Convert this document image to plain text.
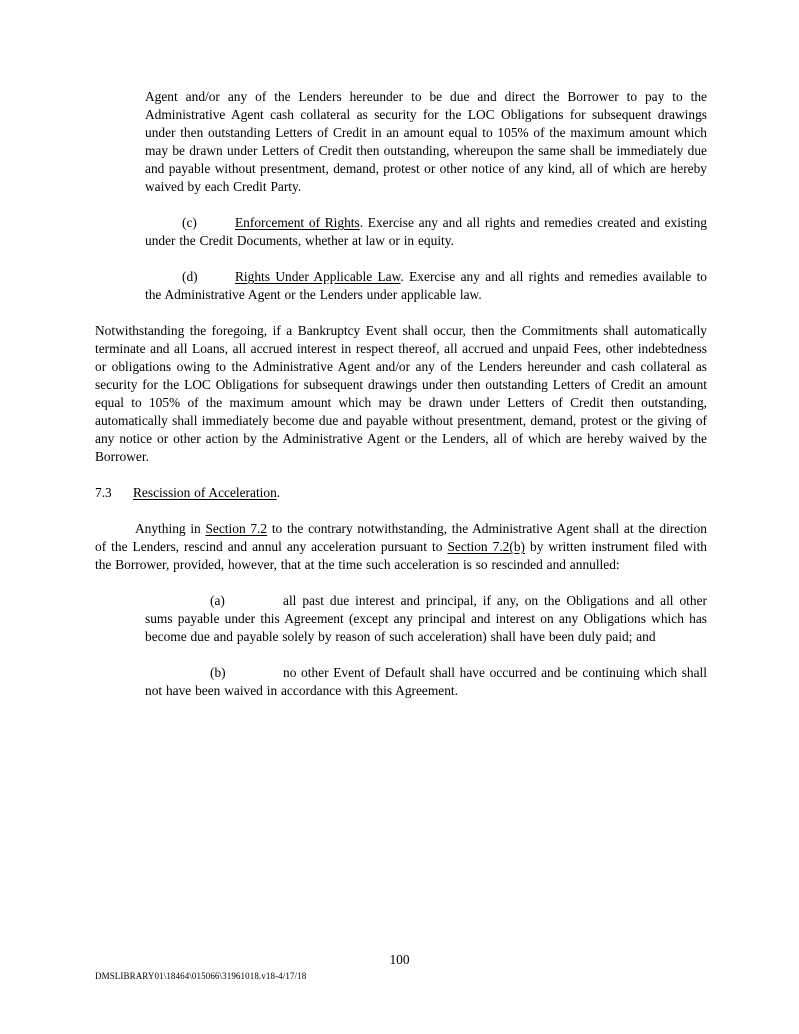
Agent and/or any of the Lenders hereunder to be due and direct the Borrower to pay to the Administrative Agent cash collateral as security for the LOC Obligations for subsequent drawings under then outstanding Letters of Credit in an amount equal to 105% of the maximum amount which may be drawn under Letters of Credit then outstanding, whereupon the same shall be immediately due and payable without presentment, demand, protest or other notice of any kind, all of which are hereby waived by each Credit Party.

(c)	Enforcement of Rights. Exercise any and all rights and remedies created and existing under the Credit Documents, whether at law or in equity.

(d)	Rights Under Applicable Law. Exercise any and all rights and remedies available to the Administrative Agent or the Lenders under applicable law.

Notwithstanding the foregoing, if a Bankruptcy Event shall occur, then the Commitments shall automatically terminate and all Loans, all accrued interest in respect thereof, all accrued and unpaid Fees, other indebtedness or obligations owing to the Administrative Agent and/or any of the Lenders hereunder and cash collateral as security for the LOC Obligations for subsequent drawings under then outstanding Letters of Credit an amount equal to 105% of the maximum amount which may be drawn under Letters of Credit then outstanding, automatically shall immediately become due and payable without presentment, demand, protest or the giving of any notice or other action by the Administrative Agent or the Lenders, all of which are hereby waived by the Borrower.

7.3 Rescission of Acceleration.

Anything in Section 7.2 to the contrary notwithstanding, the Administrative Agent shall at the direction of the Lenders, rescind and annul any acceleration pursuant to Section 7.2(b) by written instrument filed with the Borrower, provided, however, that at the time such acceleration is so rescinded and annulled:

(a)	all past due interest and principal, if any, on the Obligations and all other sums payable under this Agreement (except any principal and interest on any Obligations which has become due and payable solely by reason of such acceleration) shall have been duly paid; and

(b)	no other Event of Default shall have occurred and be continuing which shall not have been waived in accordance with this Agreement.

100
DMSLIBRARY01\18464\015066\31961018.v18-4/17/18
